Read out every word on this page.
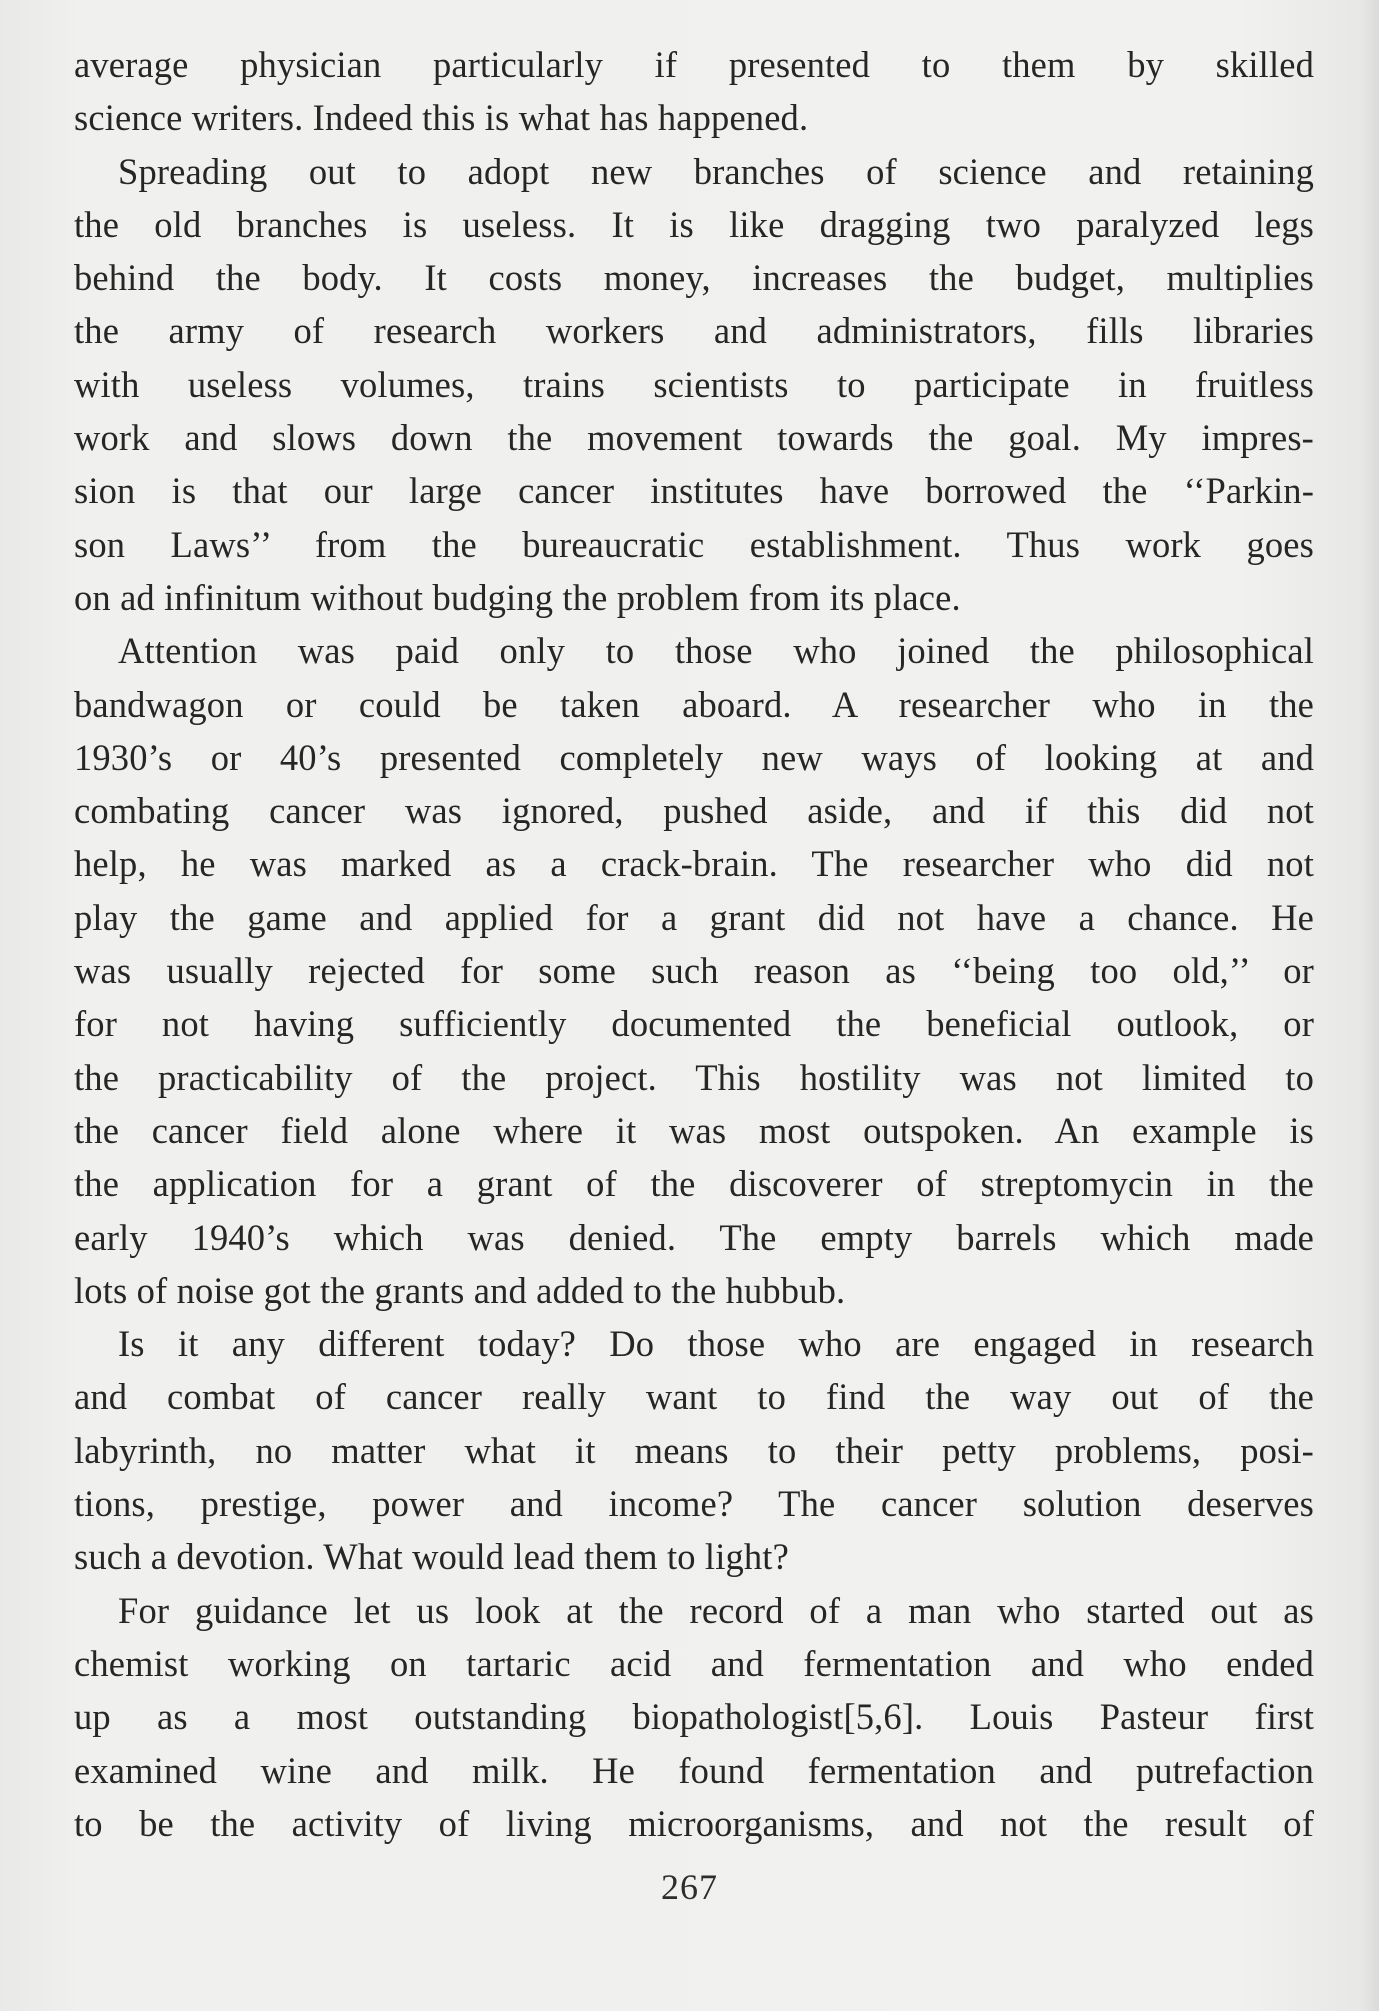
average physician particularly if presented to them by skilled
science writers. Indeed this is what has happened.
Spreading out to adopt new branches of science and retaining
the old branches is useless. It is like dragging two paralyzed legs
behind the body. It costs money, increases the budget, multiplies
the army of research workers and administrators, fills libraries
with useless volumes, trains scientists to participate in fruitless
work and slows down the movement towards the goal. My impres-
sion is that our large cancer institutes have borrowed the ‘‘Parkin-
son Laws’’ from the bureaucratic establishment. Thus work goes
on ad infinitum without budging the problem from its place.
Attention was paid only to those who joined the philosophical
bandwagon or could be taken aboard. A researcher who in the
1930’s or 40’s presented completely new ways of looking at and
combating cancer was ignored, pushed aside, and if this did not
help, he was marked as a crack-brain. The researcher who did not
play the game and applied for a grant did not have a chance. He
was usually rejected for some such reason as ‘‘being too old,’’ or
for not having sufficiently documented the beneficial outlook, or
the practicability of the project. This hostility was not limited to
the cancer field alone where it was most outspoken. An example is
the application for a grant of the discoverer of streptomycin in the
early 1940’s which was denied. The empty barrels which made
lots of noise got the grants and added to the hubbub.
Is it any different today? Do those who are engaged in research
and combat of cancer really want to find the way out of the
labyrinth, no matter what it means to their petty problems, posi-
tions, prestige, power and income? The cancer solution deserves
such a devotion. What would lead them to light?
For guidance let us look at the record of a man who started out as
chemist working on tartaric acid and fermentation and who ended
up as a most outstanding biopathologist[5,6]. Louis Pasteur first
examined wine and milk. He found fermentation and putrefaction
to be the activity of living microorganisms, and not the result of
267
